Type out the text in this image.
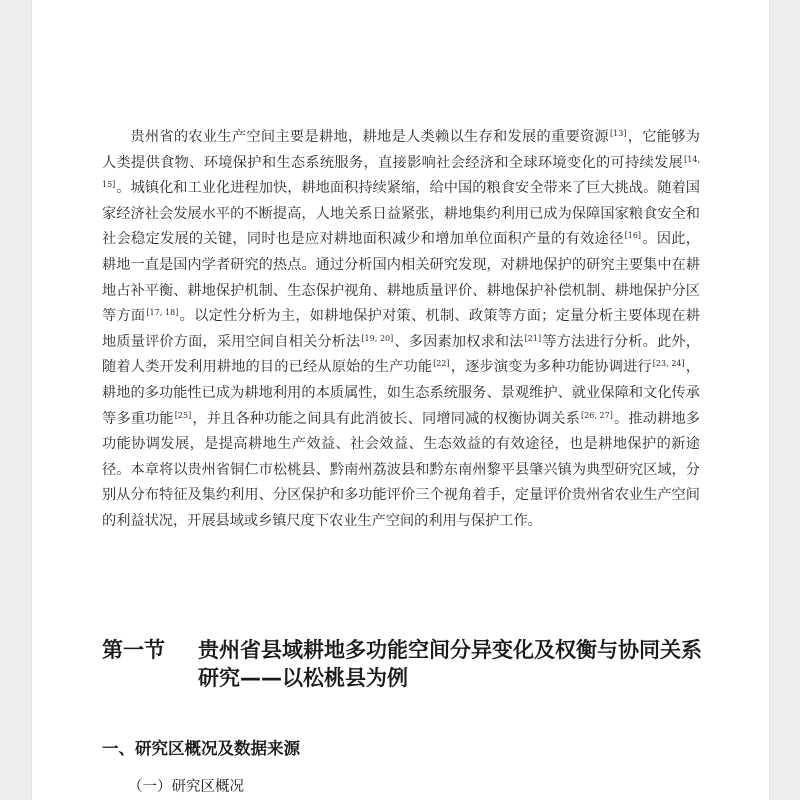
贵州省的农业生产空间主要是耕地，耕地是人类赖以生存和发展的重要资源[13]，它能够为人类提供食物、环境保护和生态系统服务，直接影响社会经济和全球环境变化的可持续发展[14, 15]。城镇化和工业化进程加快，耕地面积持续紧缩，给中国的粮食安全带来了巨大挑战。随着国家经济社会发展水平的不断提高，人地关系日益紧张，耕地集约利用已成为保障国家粮食安全和社会稳定发展的关键，同时也是应对耕地面积减少和增加单位面积产量的有效途径[16]。因此，耕地一直是国内学者研究的热点。通过分析国内相关研究发现，对耕地保护的研究主要集中在耕地占补平衡、耕地保护机制、生态保护视角、耕地质量评价、耕地保护补偿机制、耕地保护分区等方面[17, 18]。以定性分析为主，如耕地保护对策、机制、政策等方面；定量分析主要体现在耕地质量评价方面，采用空间自相关分析法[19, 20]、多因素加权求和法[21]等方法进行分析。此外，随着人类开发利用耕地的目的已经从原始的生产功能[22]，逐步演变为多种功能协调进行[23, 24]，耕地的多功能性已成为耕地利用的本质属性，如生态系统服务、景观维护、就业保障和文化传承等多重功能[25]，并且各种功能之间具有此消彼长、同增同减的权衡协调关系[26, 27]。推动耕地多功能协调发展，是提高耕地生产效益、社会效益、生态效益的有效途径，也是耕地保护的新途径。本章将以贵州省铜仁市松桃县、黔南州荔波县和黔东南州黎平县肇兴镇为典型研究区域，分别从分布特征及集约利用、分区保护和多功能评价三个视角着手，定量评价贵州省农业生产空间的利益状况，开展县域或乡镇尺度下农业生产空间的利用与保护工作。

第一节 贵州省县域耕地多功能空间分异变化及权衡与协同关系研究——以松桃县为例
一、研究区概况及数据来源
（一）研究区概况
